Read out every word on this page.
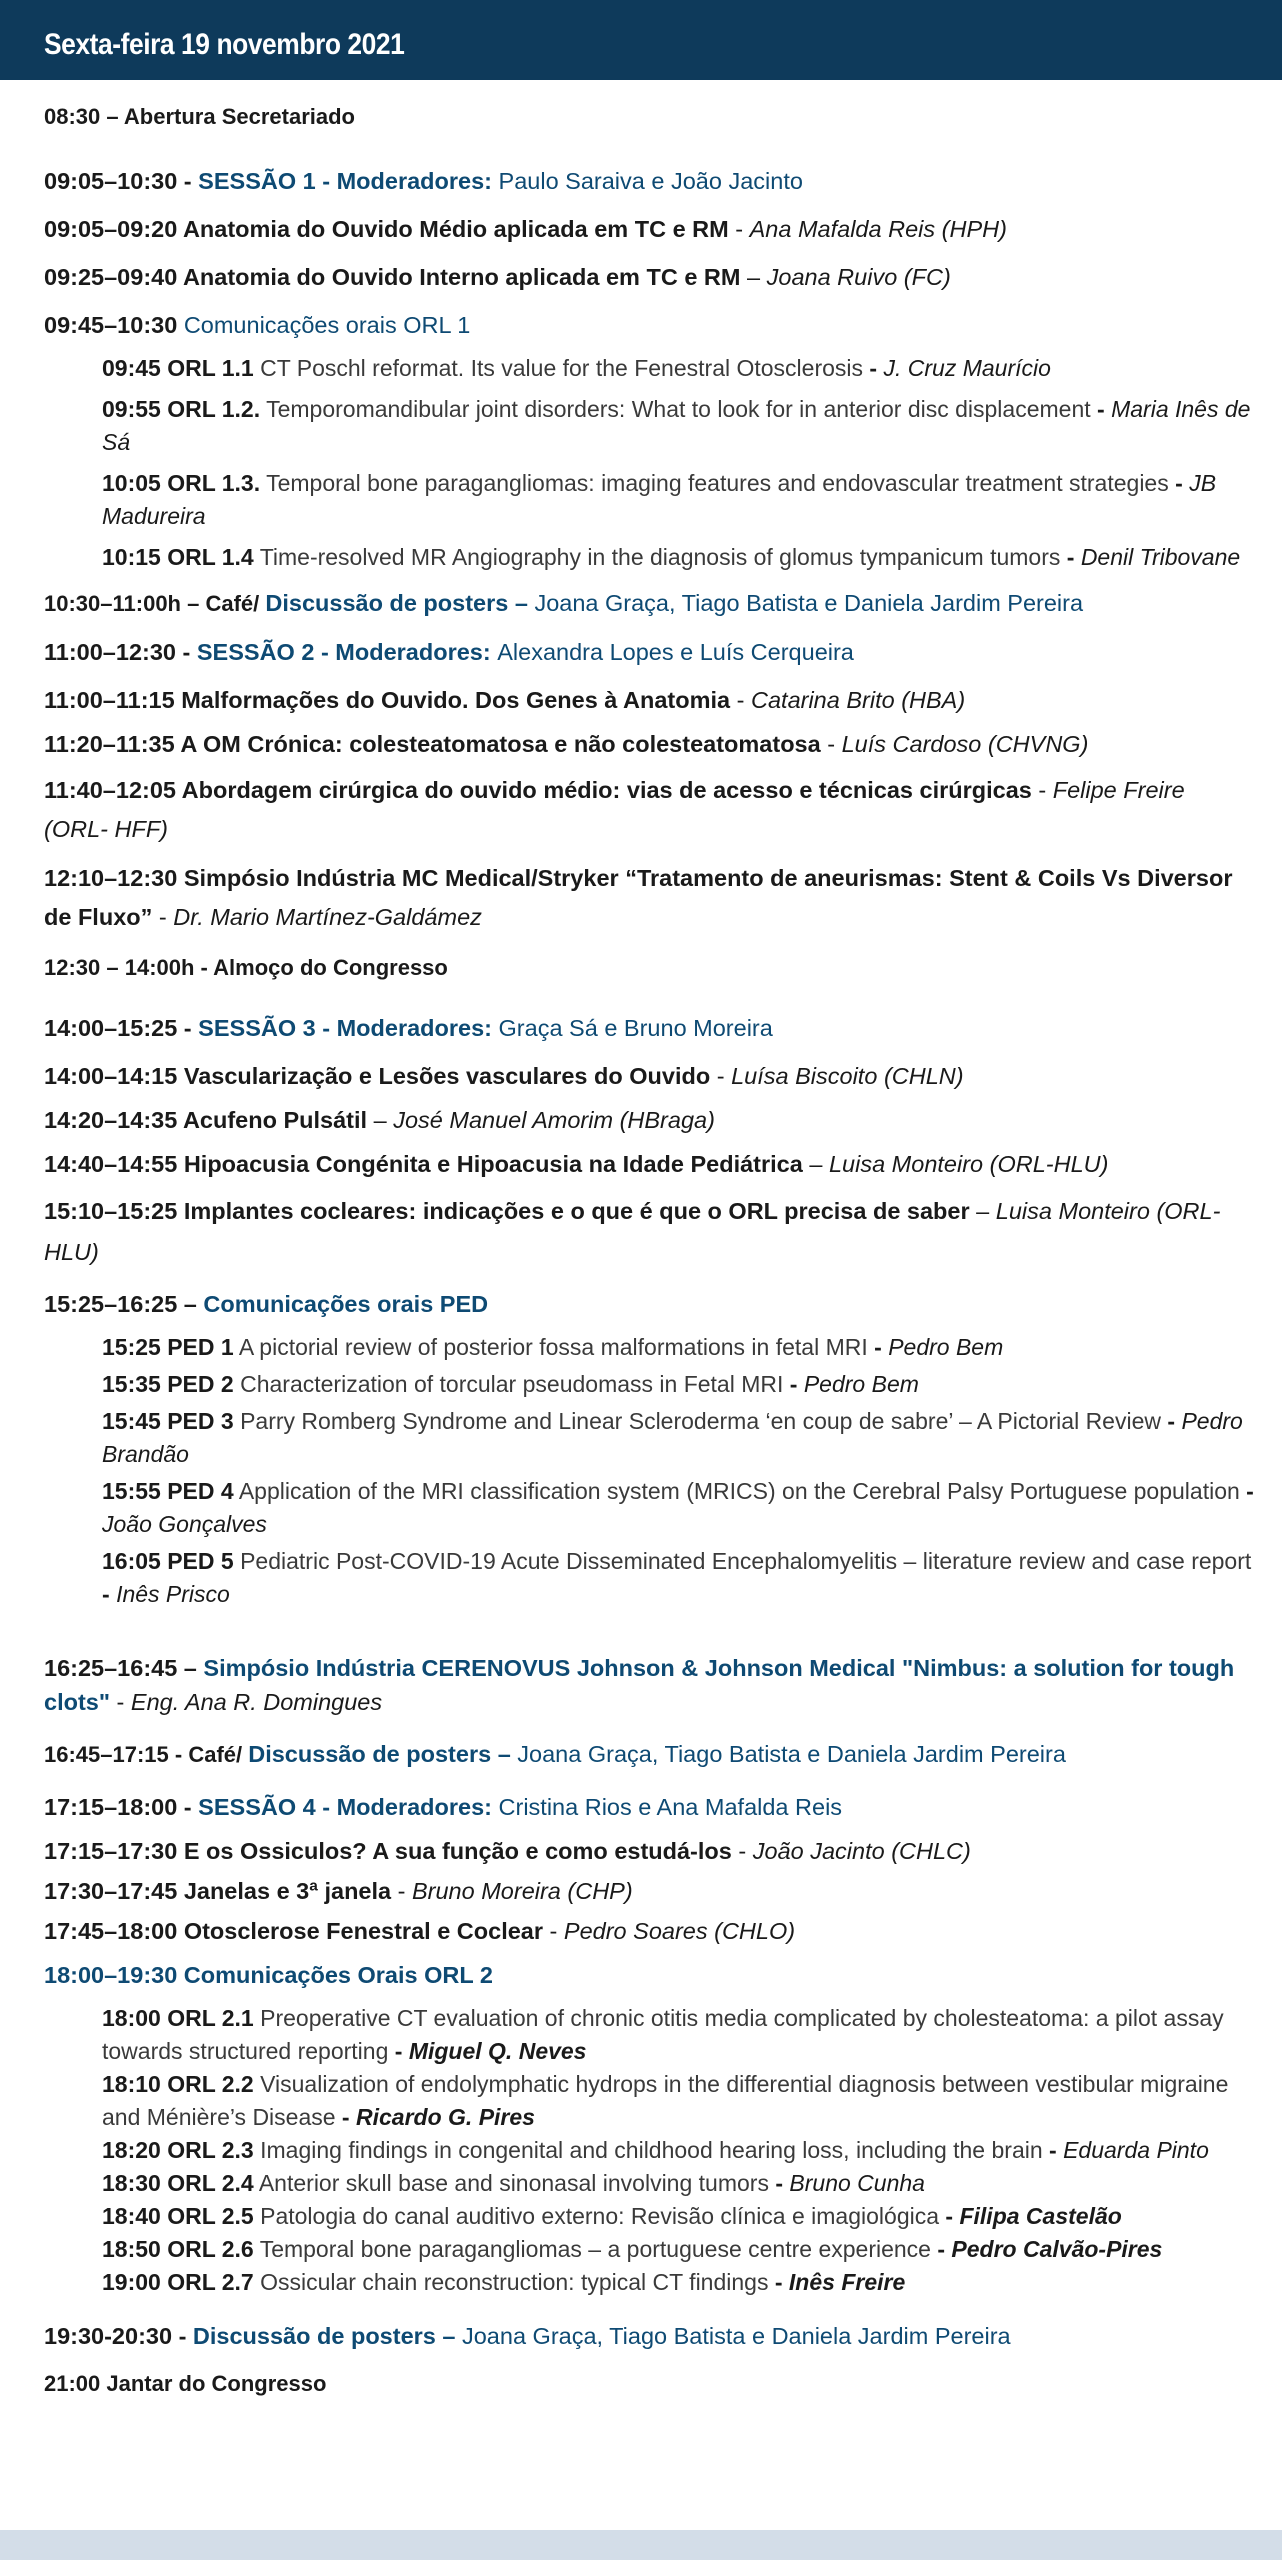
Sexta-feira 19 novembro 2021
08:30 – Abertura Secretariado
09:05–10:30 - SESSÃO 1 - Moderadores: Paulo Saraiva e João Jacinto
09:05–09:20 Anatomia do Ouvido Médio aplicada em TC e RM - Ana Mafalda Reis (HPH)
09:25–09:40 Anatomia do Ouvido Interno aplicada em TC e RM – Joana Ruivo (FC)
09:45–10:30 Comunicações orais ORL 1
09:45 ORL 1.1 CT Poschl reformat. Its value for the Fenestral Otosclerosis - J. Cruz Maurício
09:55 ORL 1.2. Temporomandibular joint disorders: What to look for in anterior disc displacement - Maria Inês de Sá
10:05 ORL 1.3. Temporal bone paragangliomas: imaging features and endovascular treatment strategies - JB Madureira
10:15 ORL 1.4 Time-resolved MR Angiography in the diagnosis of glomus tympanicum tumors - Denil Tribovane
10:30–11:00h – Café/ Discussão de posters – Joana Graça, Tiago Batista e Daniela Jardim Pereira
11:00–12:30 - SESSÃO 2 - Moderadores: Alexandra Lopes e Luís Cerqueira
11:00–11:15 Malformações do Ouvido. Dos Genes à Anatomia - Catarina Brito (HBA)
11:20–11:35 A OM Crónica: colesteatomatosa e não colesteatomatosa - Luís Cardoso (CHVNG)
11:40–12:05 Abordagem cirúrgica do ouvido médio: vias de acesso e técnicas cirúrgicas - Felipe Freire (ORL- HFF)
12:10–12:30 Simpósio Indústria MC Medical/Stryker “Tratamento de aneurismas: Stent & Coils Vs Diversor de Fluxo” - Dr. Mario Martínez-Galdámez
12:30 – 14:00h - Almoço do Congresso
14:00–15:25 - SESSÃO 3 - Moderadores: Graça Sá e Bruno Moreira
14:00–14:15 Vascularização e Lesões vasculares do Ouvido - Luísa Biscoito (CHLN)
14:20–14:35 Acufeno Pulsátil – José Manuel Amorim (HBraga)
14:40–14:55 Hipoacusia Congénita e Hipoacusia na Idade Pediátrica – Luisa Monteiro (ORL-HLU)
15:10–15:25 Implantes cocleares: indicações e o que é que o ORL precisa de saber – Luisa Monteiro (ORL-HLU)
15:25–16:25 – Comunicações orais PED
15:25 PED 1 A pictorial review of posterior fossa malformations in fetal MRI - Pedro Bem
15:35 PED 2 Characterization of torcular pseudomass in Fetal MRI - Pedro Bem
15:45 PED 3 Parry Romberg Syndrome and Linear Scleroderma ‘en coup de sabre’ – A Pictorial Review - Pedro Brandão
15:55 PED 4 Application of the MRI classification system (MRICS) on the Cerebral Palsy Portuguese population - João Gonçalves
16:05 PED 5 Pediatric Post-COVID-19 Acute Disseminated Encephalomyelitis – literature review and case report - Inês Prisco
16:25–16:45 – Simpósio Indústria CERENOVUS Johnson & Johnson Medical "Nimbus: a solution for tough clots" - Eng. Ana R. Domingues
16:45–17:15 - Café/ Discussão de posters – Joana Graça, Tiago Batista e Daniela Jardim Pereira
17:15–18:00 - SESSÃO 4 - Moderadores: Cristina Rios e Ana Mafalda Reis
17:15–17:30 E os Ossiculos? A sua função e como estudá-los - João Jacinto (CHLC)
17:30–17:45 Janelas e 3ª janela - Bruno Moreira (CHP)
17:45–18:00 Otosclerose Fenestral e Coclear - Pedro Soares (CHLO)
18:00–19:30 Comunicações Orais ORL 2
18:00 ORL 2.1 Preoperative CT evaluation of chronic otitis media complicated by cholesteatoma: a pilot assay towards structured reporting - Miguel Q. Neves
18:10 ORL 2.2 Visualization of endolymphatic hydrops in the differential diagnosis between vestibular migraine and Ménière’s Disease - Ricardo G. Pires
18:20 ORL 2.3 Imaging findings in congenital and childhood hearing loss, including the brain - Eduarda Pinto
18:30 ORL 2.4 Anterior skull base and sinonasal involving tumors - Bruno Cunha
18:40 ORL 2.5 Patologia do canal auditivo externo: Revisão clínica e imagiológica - Filipa Castelão
18:50 ORL 2.6 Temporal bone paragangliomas – a portuguese centre experience - Pedro Calvão-Pires
19:00 ORL 2.7 Ossicular chain reconstruction: typical CT findings - Inês Freire
19:30-20:30 - Discussão de posters – Joana Graça, Tiago Batista e Daniela Jardim Pereira
21:00 Jantar do Congresso
